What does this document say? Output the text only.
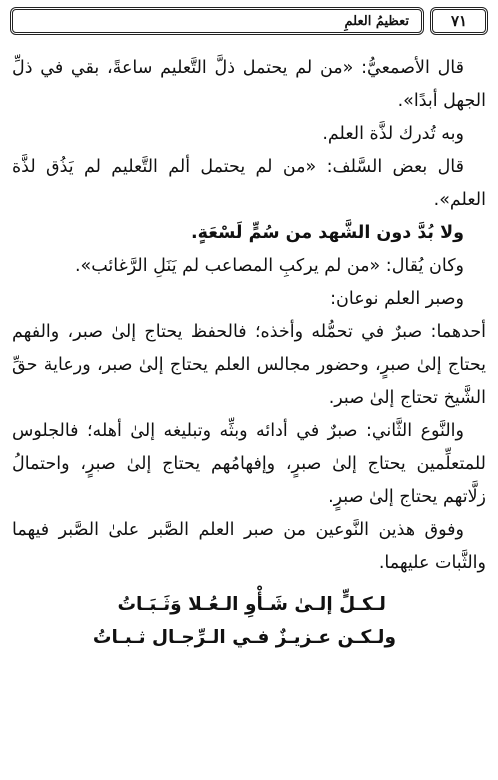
٧١
تعظيمُ العلمِ

قال الأصمعيُّ: «من لم يحتمل ذلَّ التَّعليم ساعةً، بقي في ذلِّ الجهل أبدًا».

وبه تُدرك لذَّة العلم.

قال بعض السَّلف: «من لم يحتمل ألم التَّعليم لم يَذُق لذَّة العلم».

ولا بُدَّ دون الشَّهد من سُمٍّ لَسْعَةٍ.

وكان يُقال: «من لم يركبِ المصاعب لم يَنَلِ الرَّغائب».

وصبر العلم نوعان:

أحدهما: صبرٌ في تحمُّله وأخذه؛ فالحفظ يحتاج إلىٰ صبر، والفهم يحتاج إلىٰ صبرٍ، وحضور مجالس العلم يحتاج إلىٰ صبر، ورعاية حقِّ الشَّيخ تحتاج إلىٰ صبر.

والنَّوع الثَّاني: صبرٌ في أدائه وبثِّه وتبليغه إلىٰ أهله؛ فالجلوس للمتعلِّمين يحتاج إلىٰ صبرٍ، وإفهامُهم يحتاج إلىٰ صبرٍ، واحتمالُ زلَّاتهم يحتاج إلىٰ صبرٍ.

وفوق هذين النَّوعين من صبر العلم الصَّبر علىٰ الصَّبر فيهما والثَّبات عليهما.

لـكـلٍّ إلـىٰ شَـأْوِ الـعُـلا وَثَـبَـاتُ
ولـكـن عـزيـزٌ فـي الـرِّجـال ثـبـاتُ
